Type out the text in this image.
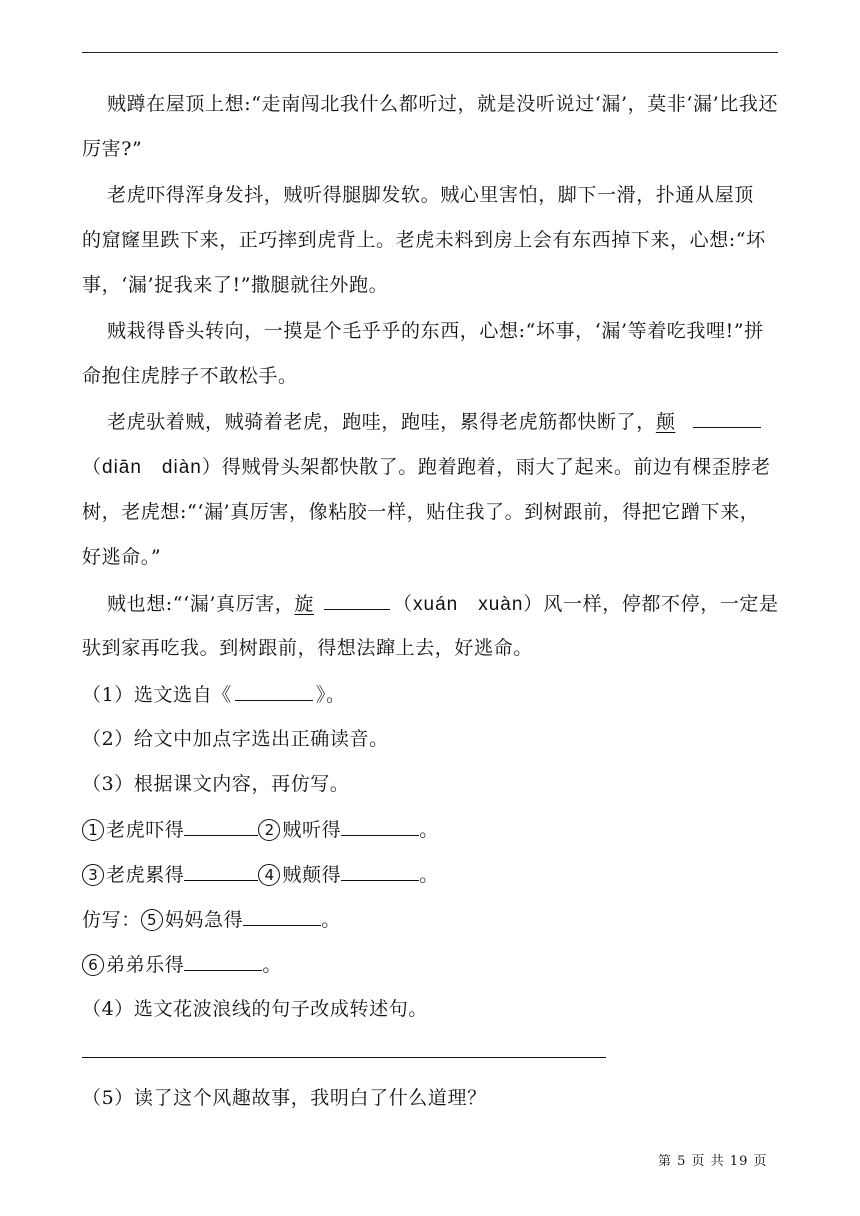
贼蹲在屋顶上想:“走南闯北我什么都听过，就是没听说过‘漏’，莫非‘漏’比我还
厉害?”
老虎吓得浑身发抖，贼听得腿脚发软。贼心里害怕，脚下一滑，扑通从屋顶
的窟窿里跌下来，正巧摔到虎背上。老虎未料到房上会有东西掉下来，心想:“坏
事，‘漏’捉我来了!”撒腿就往外跑。
贼栽得昏头转向，一摸是个毛乎乎的东西，心想:“坏事，‘漏’等着吃我哩!”拼
命抱住虎脖子不敢松手。
老虎驮着贼，贼骑着老虎，跑哇，跑哇，累得老虎筋都快断了，颠
（diān　diàn）得贼骨头架都快散了。跑着跑着，雨大了起来。前边有棵歪脖老
树，老虎想:“‘漏’真厉害，像粘胶一样，贴住我了。到树跟前，得把它蹭下来，
好逃命。”
贼也想:“‘漏’真厉害，旋	（xuán　xuàn）风一样，停都不停，一定是
驮到家再吃我。到树跟前，得想法蹿上去，好逃命。
（1）选文选自《	》。
（2）给文中加点字选出正确读音。
（3）根据课文内容，再仿写。
1 老虎吓得	2 贼听得	。
3 老虎累得	4 贼颠得	。
仿写： 5 妈妈急得	。
6 弟弟乐得	。
（4）选文花波浪线的句子改成转述句。
（5）读了这个风趣故事，我明白了什么道理？
第 5 页 共 19 页
